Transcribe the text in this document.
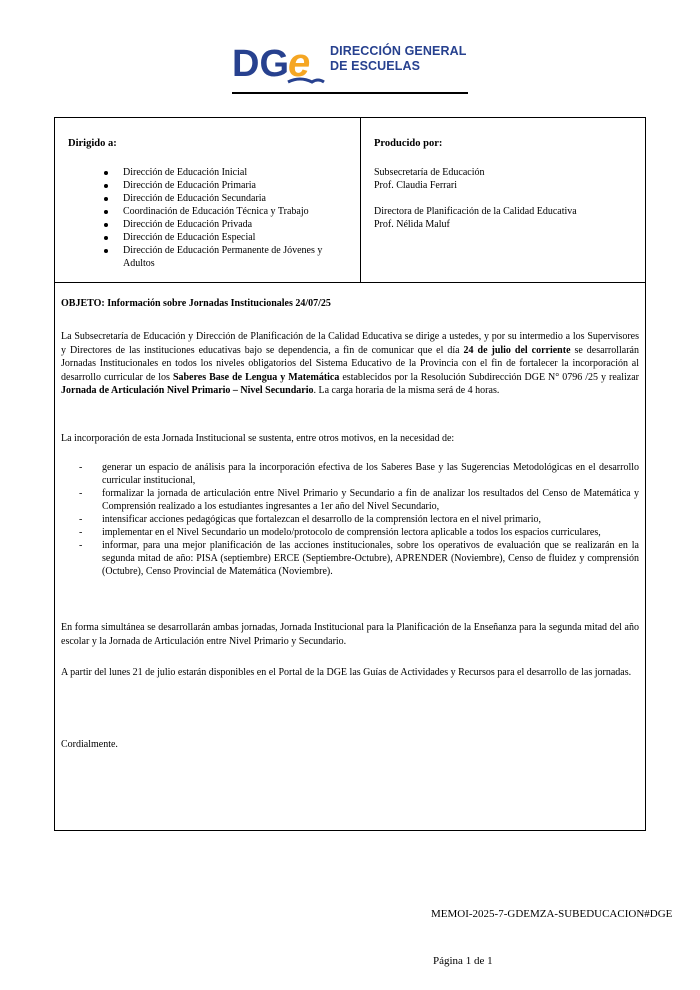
DG e DIRECCIÓN GENERAL
DE ESCUELAS
Dirigido a:
Dirección de Educación Inicial
Dirección de Educación Primaria
Dirección de Educación Secundaria
Coordinación de Educación Técnica y Trabajo
Dirección de Educación Privada
Dirección de Educación Especial
Dirección de Educación Permanente de Jóvenes y Adultos
Producido por:
Subsecretaría de Educación
Prof. Claudia Ferrari
Directora de Planificación de la Calidad Educativa
Prof. Nélida Maluf
OBJETO: Información sobre Jornadas Institucionales 24/07/25
La Subsecretaría de Educación y Dirección de Planificación de la Calidad Educativa se dirige a ustedes, y por su intermedio a los Supervisores y Directores de las instituciones educativas bajo se dependencia, a fin de comunicar que el día 24 de julio del corriente se desarrollarán Jornadas Institucionales en todos los niveles obligatorios del Sistema Educativo de la Provincia con el fin de fortalecer la incorporación al desarrollo curricular de los Saberes Base de Lengua y Matemática establecidos por la Resolución Subdirección DGE N° 0796 /25 y realizar Jornada de Articulación Nivel Primario – Nivel Secundario. La carga horaria de la misma será de 4 horas.
La incorporación de esta Jornada Institucional se sustenta, entre otros motivos, en la necesidad de:
- generar un espacio de análisis para la incorporación efectiva de los Saberes Base y las Sugerencias Metodológicas en el desarrollo curricular institucional,
- formalizar la jornada de articulación entre Nivel Primario y Secundario a fin de analizar los resultados del Censo de Matemática y Comprensión realizado a los estudiantes ingresantes a 1er año del Nivel Secundario,
- intensificar acciones pedagógicas que fortalezcan el desarrollo de la comprensión lectora en el nivel primario,
- implementar en el Nivel Secundario un modelo/protocolo de comprensión lectora aplicable a todos los espacios curriculares,
- informar, para una mejor planificación de las acciones institucionales, sobre los operativos de evaluación que se realizarán en la segunda mitad de año: PISA (septiembre) ERCE (Septiembre-Octubre), APRENDER (Noviembre), Censo de fluidez y comprensión (Octubre), Censo Provincial de Matemática (Noviembre).
En forma simultánea se desarrollarán ambas jornadas, Jornada Institucional para la Planificación de la Enseñanza para la segunda mitad del año escolar y la Jornada de Articulación entre Nivel Primario y Secundario.
A partir del lunes 21 de julio estarán disponibles en el Portal de la DGE las Guías de Actividades y Recursos para el desarrollo de las jornadas.
Cordialmente.
MEMOI-2025-7-GDEMZA-SUBEDUCACION#DGE
Página 1 de 1
